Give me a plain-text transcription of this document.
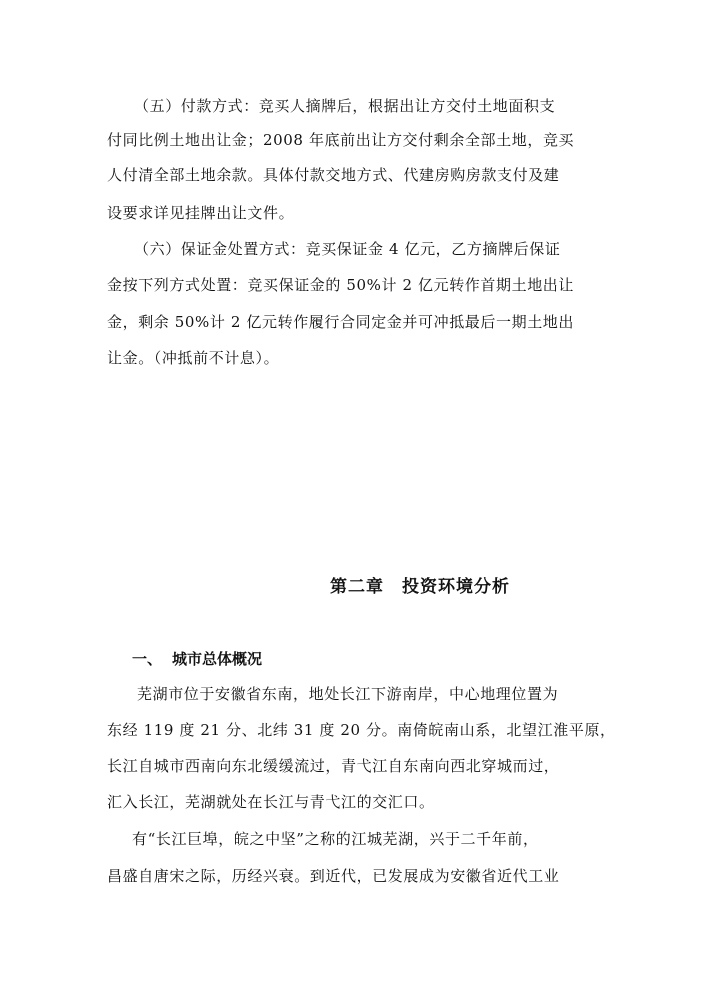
（五）付款方式：竞买人摘牌后，根据出让方交付土地面积支
付同比例土地出让金；2008 年底前出让方交付剩余全部土地，竞买
人付清全部土地余款。具体付款交地方式、代建房购房款支付及建
设要求详见挂牌出让文件。
（六）保证金处置方式：竞买保证金 4 亿元，乙方摘牌后保证
金按下列方式处置：竞买保证金的 50%计 2 亿元转作首期土地出让
金，剩余 50%计 2 亿元转作履行合同定金并可冲抵最后一期土地出
让金。（冲抵前不计息）。
第二章　投资环境分析
一、 城市总体概况
芜湖市位于安徽省东南，地处长江下游南岸，中心地理位置为
东经 119 度 21 分、北纬 31 度 20 分。南倚皖南山系，北望江淮平原，
长江自城市西南向东北缓缓流过，青弋江自东南向西北穿城而过，
汇入长江，芜湖就处在长江与青弋江的交汇口。
有“长江巨埠，皖之中坚”之称的江城芜湖，兴于二千年前，
昌盛自唐宋之际，历经兴衰。到近代，已发展成为安徽省近代工业
